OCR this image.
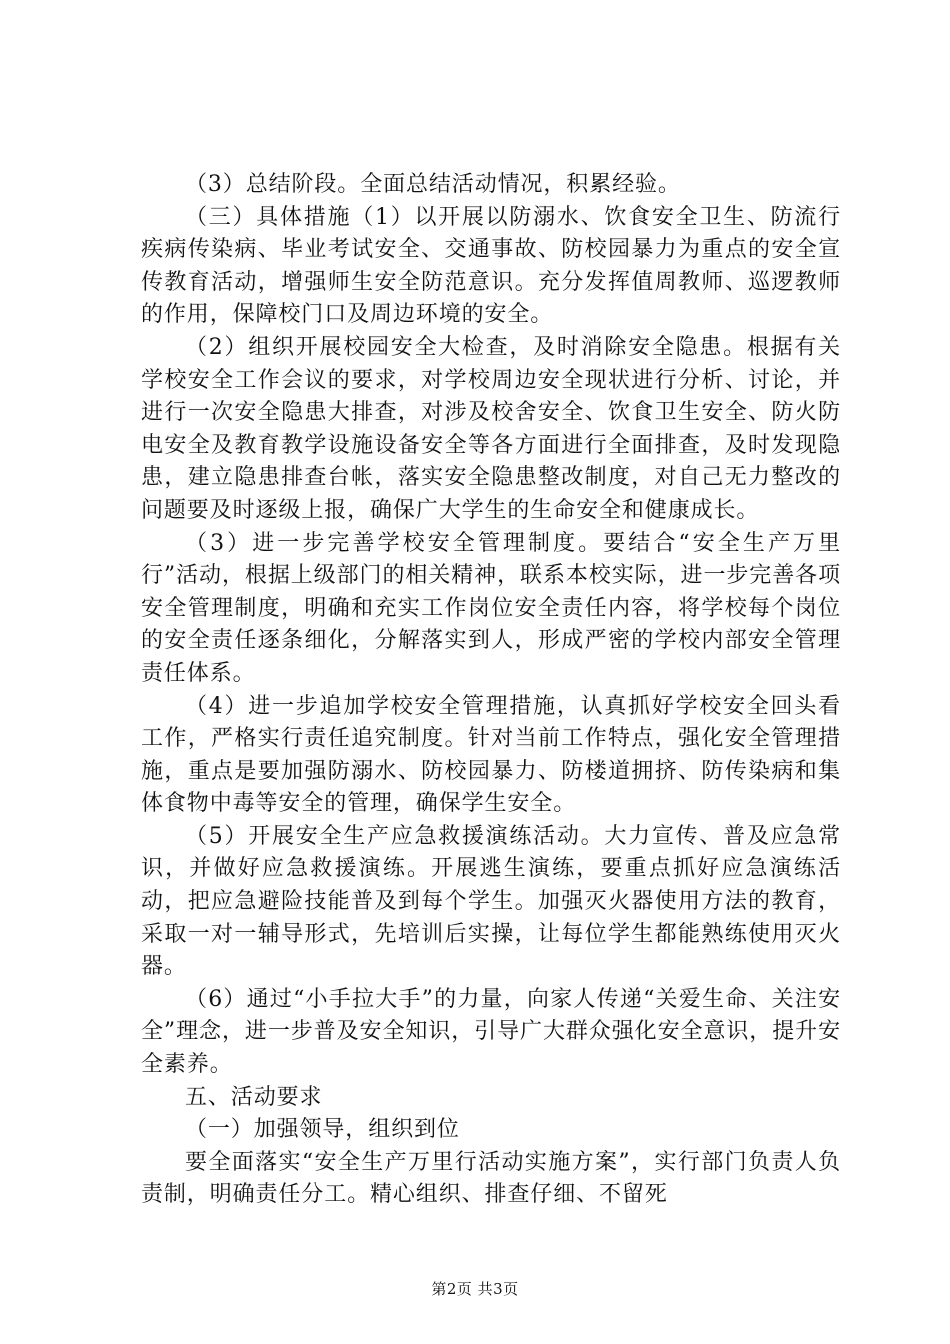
（3）总结阶段。全面总结活动情况，积累经验。

（三）具体措施（1）以开展以防溺水、饮食安全卫生、防流行疾病传染病、毕业考试安全、交通事故、防校园暴力为重点的安全宣传教育活动，增强师生安全防范意识。充分发挥值周教师、巡逻教师的作用，保障校门口及周边环境的安全。

（2）组织开展校园安全大检查，及时消除安全隐患。根据有关学校安全工作会议的要求，对学校周边安全现状进行分析、讨论，并进行一次安全隐患大排查，对涉及校舍安全、饮食卫生安全、防火防电安全及教育教学设施设备安全等各方面进行全面排查，及时发现隐患，建立隐患排查台帐，落实安全隐患整改制度，对自己无力整改的问题要及时逐级上报，确保广大学生的生命安全和健康成长。

（3）进一步完善学校安全管理制度。要结合“安全生产万里行”活动，根据上级部门的相关精神，联系本校实际，进一步完善各项安全管理制度，明确和充实工作岗位安全责任内容，将学校每个岗位的安全责任逐条细化，分解落实到人，形成严密的学校内部安全管理责任体系。

（4）进一步追加学校安全管理措施，认真抓好学校安全回头看工作，严格实行责任追究制度。针对当前工作特点，强化安全管理措施，重点是要加强防溺水、防校园暴力、防楼道拥挤、防传染病和集体食物中毒等安全的管理，确保学生安全。

（5）开展安全生产应急救援演练活动。大力宣传、普及应急常识，并做好应急救援演练。开展逃生演练，要重点抓好应急演练活动，把应急避险技能普及到每个学生。加强灭火器使用方法的教育，采取一对一辅导形式，先培训后实操，让每位学生都能熟练使用灭火器。

（6）通过“小手拉大手”的力量，向家人传递“关爱生命、关注安全”理念，进一步普及安全知识，引导广大群众强化安全意识，提升安全素养。

五、活动要求

（一）加强领导，组织到位

要全面落实“安全生产万里行活动实施方案”，实行部门负责人负责制，明确责任分工。精心组织、排查仔细、不留死

第2页 共3页
